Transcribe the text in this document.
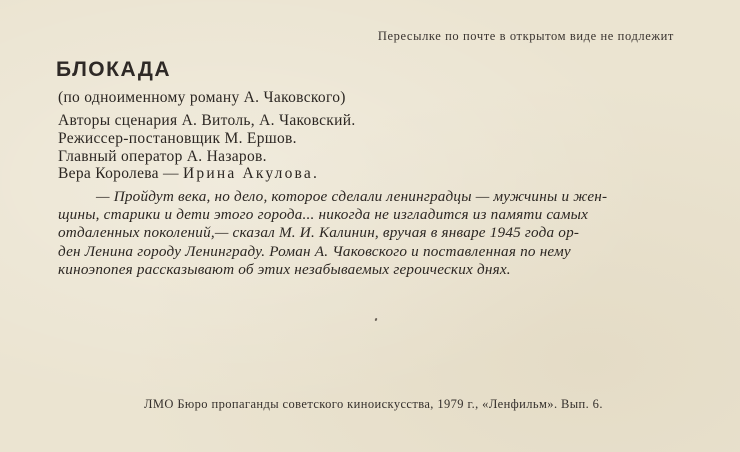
Пересылке по почте в открытом виде не подлежит
БЛОКАДА
(по одноименному роману А. Чаковского)
Авторы сценария А. Витоль, А. Чаковский.
Режиссер-постановщик М. Ершов.
Главный оператор А. Назаров.
Вера Королева — Ирина Акулова.
— Пройдут века, но дело, которое сделали ленинградцы — мужчины и жен-
щины, старики и дети этого города... никогда не изгладится из памяти самых
отдаленных поколений,— сказал М. И. Калинин, вручая в январе 1945 года ор-
ден Ленина городу Ленинграду. Роман А. Чаковского и поставленная по нему
киноэпопея рассказывают об этих незабываемых героических днях.
ЛМО Бюро пропаганды советского киноискусства, 1979 г., «Ленфильм». Вып. 6.
